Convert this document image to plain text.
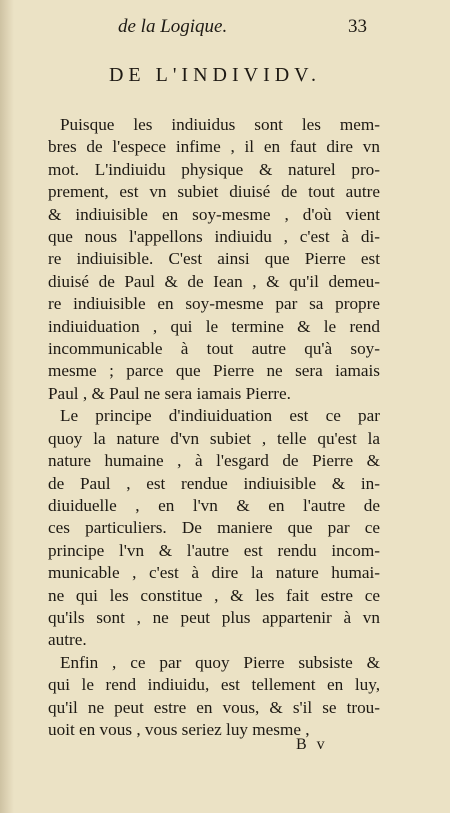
de la Logique.	33
DE L'INDIVIDV.
Puisque les indiuidus sont les mem-
bres de l'espece infime , il en faut dire vn
mot. L'indiuidu physique & naturel pro-
prement, est vn subiet diuisé de tout autre
& indiuisible en soy-mesme , d'où vient
que nous l'appellons indiuidu , c'est à di-
re indiuisible. C'est ainsi que Pierre est
diuisé de Paul & de Iean , & qu'il demeu-
re indiuisible en soy-mesme par sa propre
indiuiduation , qui le termine & le rend
incommunicable à tout autre qu'à soy-
mesme ; parce que Pierre ne sera iamais
Paul , & Paul ne sera iamais Pierre.
Le principe d'indiuiduation est ce par
quoy la nature d'vn subiet , telle qu'est la
nature humaine , à l'esgard de Pierre &
de Paul , est rendue indiuisible & in-
diuiduelle , en l'vn & en l'autre de
ces particuliers. De maniere que par ce
principe l'vn & l'autre est rendu incom-
municable , c'est à dire la nature humai-
ne qui les constitue , & les fait estre ce
qu'ils sont , ne peut plus appartenir à vn
autre.
Enfin , ce par quoy Pierre subsiste &
qui le rend indiuidu, est tellement en luy,
qu'il ne peut estre en vous, & s'il se trou-
uoit en vous , vous seriez luy mesme ,
B v
